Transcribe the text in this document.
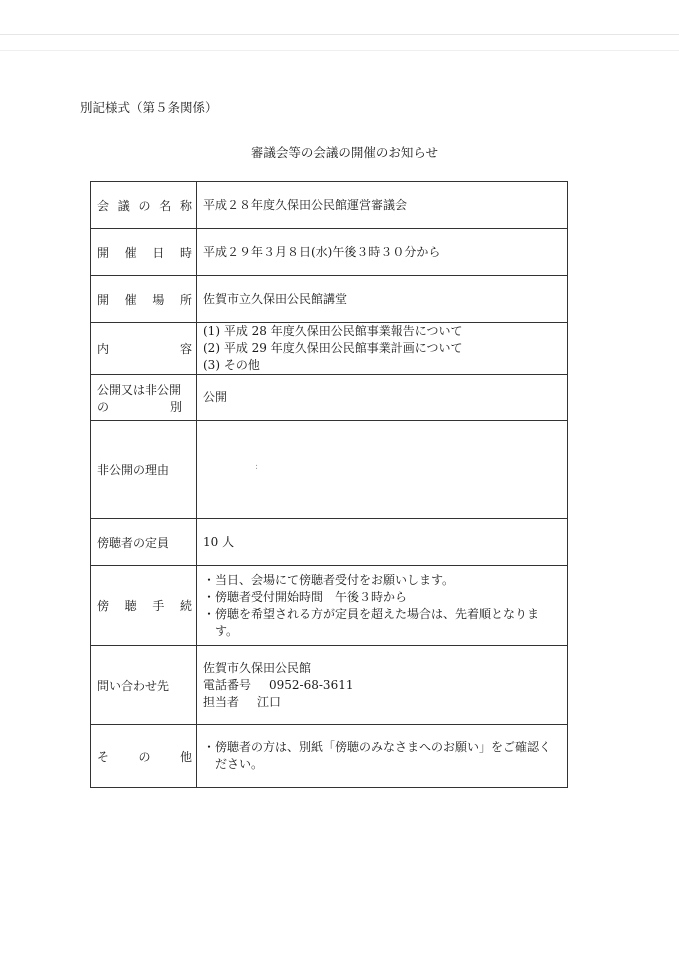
別記様式（第５条関係）
審議会等の会議の開催のお知らせ
会 議 の 名 称	平成２８年度久保田公民館運営審議会

開 催 日 時	平成２９年３月８日(水)午後３時３０分から

開 催 場 所	佐賀市立久保田公民館講堂

内 容	(1) 平成 28 年度久保田公民館事業報告について
(2) 平成 29 年度久保田公民館事業計画について
(3) その他

公開又は非公開
の 別	公開

非公開の理由	

傍聴者の定員	10 人

傍 聴 手 続	・当日、会場にて傍聴者受付をお願いします。
・傍聴者受付開始時間　午後３時から
・傍聴を希望される方が定員を超えた場合は、先着順となります。

問い合わせ先	佐賀市久保田公民館
電話番号 0952-68-3611
担当者 江口

そ の 他	・傍聴者の方は、別紙「傍聴のみなさまへのお願い」をご確認ください。
:
